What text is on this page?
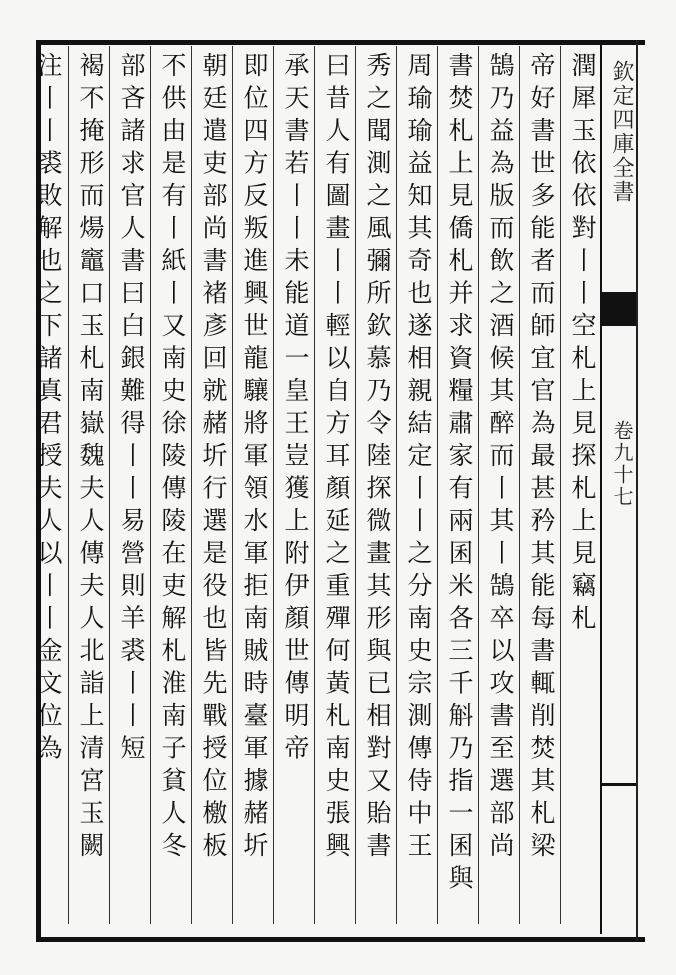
欽定四庫全書
卷九十七
潤犀玉依依對丨丨空札上見探札上見竊札
帝好書世多能者而師宜官為最甚矜其能每書輒削焚其札梁
鵠乃益為版而飲之酒候其醉而丨其丨鵠卒以攻書至選部尚
書焚札上見僑札并求資糧肅家有兩囷米各三千斛乃指一囷與
周瑜瑜益知其奇也遂相親結定丨丨之分南史宗測傳侍中王
秀之聞測之風彌所欽慕乃令陸探微畫其形與已相對又貽書
曰昔人有圖畫丨丨輕以自方耳顏延之重殫何黃札南史張興
承天書若丨丨未能道一皇王豈獲上附伊顏世傳明帝
即位四方反叛進興世龍驤將軍領水軍拒南賊時臺軍據赭圻
朝廷遣吏部尚書褚彥回就赭圻行選是役也皆先戰授位檄板
不供由是有丨紙丨又南史徐陵傳陵在吏解札淮南子貧人冬
部吝諸求官人書曰白銀難得丨丨易營則羊裘丨丨短
褐不掩形而煬竈口玉札南嶽魏夫人傳夫人北詣上清宮玉闕
注丨丨裘敗解也之下諸真君授夫人以丨丨金文位為
